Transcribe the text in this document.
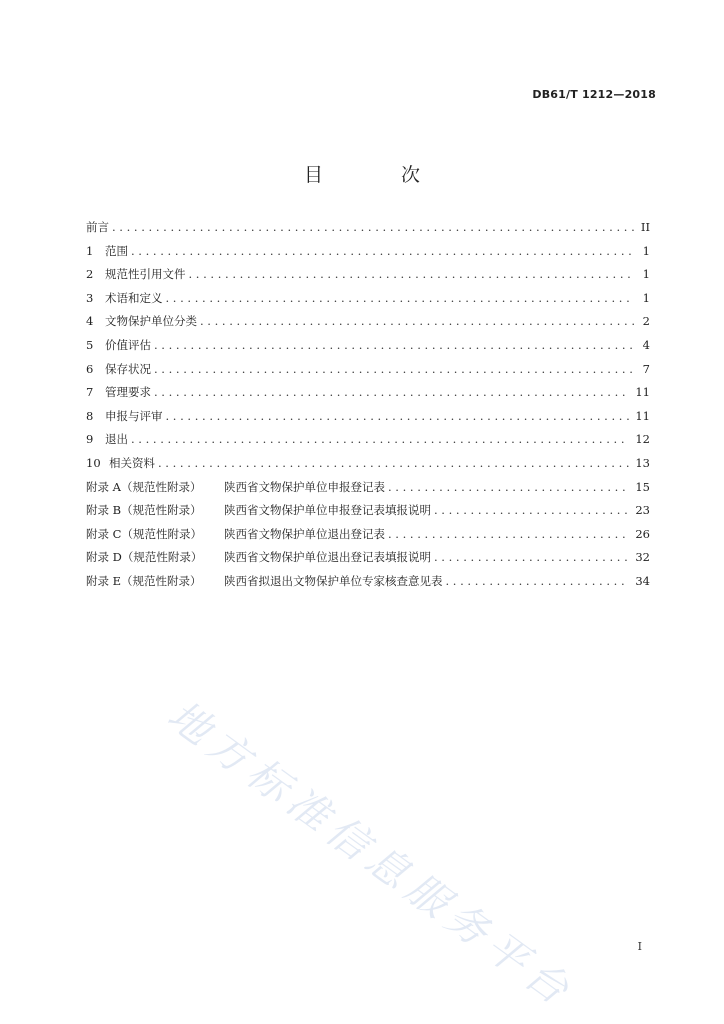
DB61/T 1212—2018
目 次
前言 . . .	II
1	范围 . . .	1
2	规范性引用文件 . . .	1
3	术语和定义 . . .	1
4	文物保护单位分类 . . .	2
5	价值评估 . . .	4
6	保存状况 . . .	7
7	管理要求 . . .	11
8	申报与评审 . . .	11
9	退出 . . .	12
10 相关资料 . . .	13
附录 A（规范性附录）	陕西省文物保护单位申报登记表 . . .	15
附录 B（规范性附录）	陕西省文物保护单位申报登记表填报说明 . . .	23
附录 C（规范性附录）	陕西省文物保护单位退出登记表 . . .	26
附录 D（规范性附录）	陕西省文物保护单位退出登记表填报说明 . . .	32
附录 E（规范性附录）	陕西省拟退出文物保护单位专家核查意见表 . . .	34
地方标准信息服务平台	I
